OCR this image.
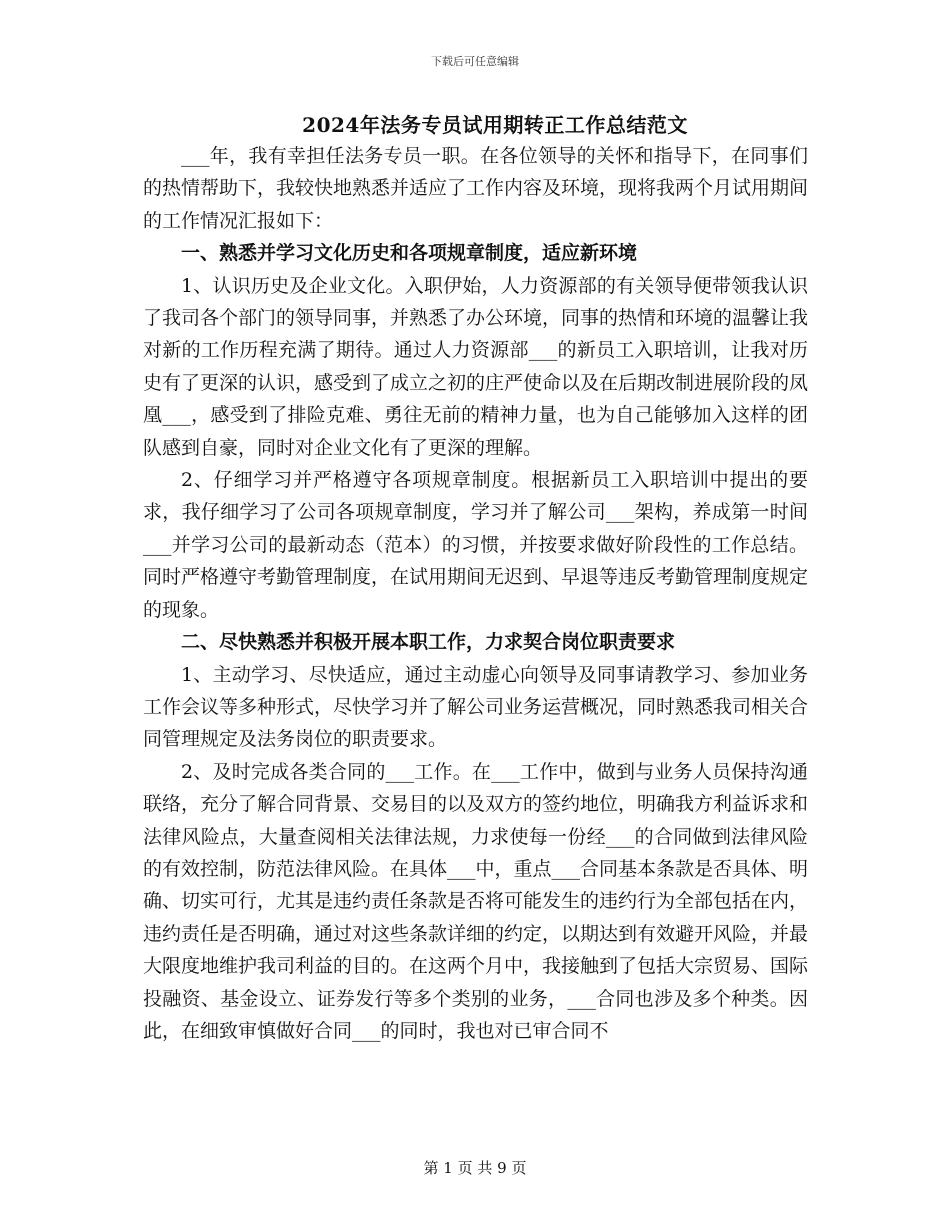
下载后可任意编辑
2024年法务专员试用期转正工作总结范文

___年，我有幸担任法务专员一职。在各位领导的关怀和指导下，在同事们的热情帮助下，我较快地熟悉并适应了工作内容及环境，现将我两个月试用期间的工作情况汇报如下：

一、熟悉并学习文化历史和各项规章制度，适应新环境

1、认识历史及企业文化。入职伊始，人力资源部的有关领导便带领我认识了我司各个部门的领导同事，并熟悉了办公环境，同事的热情和环境的温馨让我对新的工作历程充满了期待。通过人力资源部___的新员工入职培训，让我对历史有了更深的认识，感受到了成立之初的庄严使命以及在后期改制进展阶段的凤凰___，感受到了排险克难、勇往无前的精神力量，也为自己能够加入这样的团队感到自豪，同时对企业文化有了更深的理解。

2、仔细学习并严格遵守各项规章制度。根据新员工入职培训中提出的要求，我仔细学习了公司各项规章制度，学习并了解公司___架构，养成第一时间___并学习公司的最新动态（范本）的习惯，并按要求做好阶段性的工作总结。同时严格遵守考勤管理制度，在试用期间无迟到、早退等违反考勤管理制度规定的现象。

二、尽快熟悉并积极开展本职工作，力求契合岗位职责要求

1、主动学习、尽快适应，通过主动虚心向领导及同事请教学习、参加业务工作会议等多种形式，尽快学习并了解公司业务运营概况，同时熟悉我司相关合同管理规定及法务岗位的职责要求。

2、及时完成各类合同的___工作。在___工作中，做到与业务人员保持沟通联络，充分了解合同背景、交易目的以及双方的签约地位，明确我方利益诉求和法律风险点，大量查阅相关法律法规，力求使每一份经___的合同做到法律风险的有效控制，防范法律风险。在具体___中，重点___合同基本条款是否具体、明确、切实可行，尤其是违约责任条款是否将可能发生的违约行为全部包括在内，违约责任是否明确，通过对这些条款详细的约定，以期达到有效避开风险，并最大限度地维护我司利益的目的。在这两个月中，我接触到了包括大宗贸易、国际投融资、基金设立、证券发行等多个类别的业务，___合同也涉及多个种类。因此，在细致审慎做好合同___的同时，我也对已审合同不

第 1 页 共 9 页
